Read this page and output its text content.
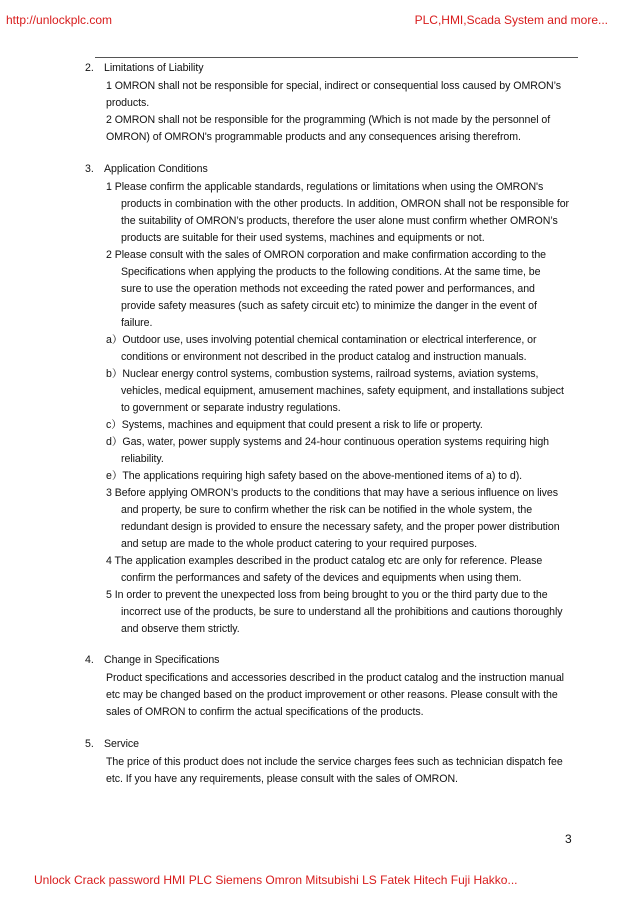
http://unlockplc.com	PLC,HMI,Scada System and more...
2. Limitations of Liability
1 OMRON shall not be responsible for special, indirect or consequential loss caused by OMRON’s
products.
2 OMRON shall not be responsible for the programming (Which is not made by the personnel of
OMRON) of OMRON's programmable products and any consequences arising therefrom.
3. Application Conditions
1 Please confirm the applicable standards, regulations or limitations when using the OMRON's
products in combination with the other products. In addition, OMRON shall not be responsible for
the suitability of OMRON’s products, therefore the user alone must confirm whether OMRON’s
products are suitable for their used systems, machines and equipments or not.
2 Please consult with the sales of OMRON corporation and make confirmation according to the
Specifications when applying the products to the following conditions. At the same time, be
sure to use the operation methods not exceeding the rated power and performances, and
provide safety measures (such as safety circuit etc) to minimize the danger in the event of
failure.
a）Outdoor use, uses involving potential chemical contamination or electrical interference, or
conditions or environment not described in the product catalog and instruction manuals.
b）Nuclear energy control systems, combustion systems, railroad systems, aviation systems,
vehicles, medical equipment, amusement machines, safety equipment, and installations subject
to government or separate industry regulations.
c）Systems, machines and equipment that could present a risk to life or property.
d）Gas, water, power supply systems and 24-hour continuous operation systems requiring high
reliability.
e）The applications requiring high safety based on the above-mentioned items of a) to d).
3 Before applying OMRON’s products to the conditions that may have a serious influence on lives
and property, be sure to confirm whether the risk can be notified in the whole system, the
redundant design is provided to ensure the necessary safety, and the proper power distribution
and setup are made to the whole product catering to your required purposes.
4 The application examples described in the product catalog etc are only for reference. Please
confirm the performances and safety of the devices and equipments when using them.
5 In order to prevent the unexpected loss from being brought to you or the third party due to the
incorrect use of the products, be sure to understand all the prohibitions and cautions thoroughly
and observe them strictly.
4. Change in Specifications
Product specifications and accessories described in the product catalog and the instruction manual
etc may be changed based on the product improvement or other reasons. Please consult with the
sales of OMRON to confirm the actual specifications of the products.
5. Service
The price of this product does not include the service charges fees such as technician dispatch fee
etc. If you have any requirements, please consult with the sales of OMRON.
3
Unlock Crack password HMI PLC Siemens Omron Mitsubishi LS Fatek Hitech Fuji Hakko...
